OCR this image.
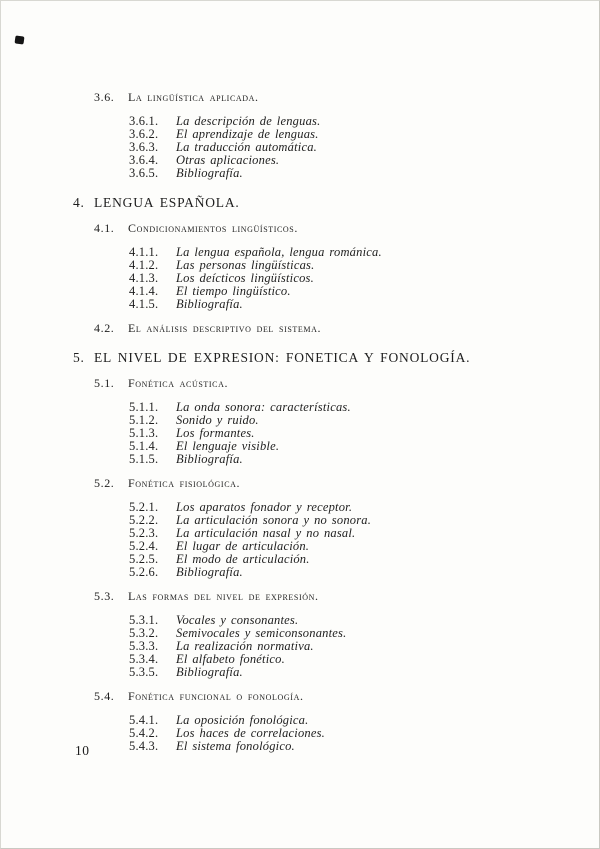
3.6.	La lingüística aplicada.
3.6.1.	La descripción de lenguas.
3.6.2.	El aprendizaje de lenguas.
3.6.3.	La traducción automática.
3.6.4.	Otras aplicaciones.
3.6.5.	Bibliografía.
4. LENGUA ESPAÑOLA.
4.1.	Condicionamientos lingüísticos.
4.1.1.	La lengua española, lengua románica.
4.1.2.	Las personas lingüísticas.
4.1.3.	Los deícticos lingüísticos.
4.1.4.	El tiempo lingüístico.
4.1.5.	Bibliografía.
4.2.	El análisis descriptivo del sistema.
5. EL NIVEL DE EXPRESION: FONETICA Y FONOLOGÍA.
5.1.	Fonética acústica.
5.1.1.	La onda sonora: características.
5.1.2.	Sonido y ruido.
5.1.3.	Los formantes.
5.1.4.	El lenguaje visible.
5.1.5.	Bibliografía.
5.2.	Fonética fisiológica.
5.2.1.	Los aparatos fonador y receptor.
5.2.2.	La articulación sonora y no sonora.
5.2.3.	La articulación nasal y no nasal.
5.2.4.	El lugar de articulación.
5.2.5.	El modo de articulación.
5.2.6.	Bibliografía.
5.3.	Las formas del nivel de expresión.
5.3.1.	Vocales y consonantes.
5.3.2.	Semivocales y semiconsonantes.
5.3.3.	La realización normativa.
5.3.4.	El alfabeto fonético.
5.3.5.	Bibliografía.
5.4.	Fonética funcional o fonología.
5.4.1.	La oposición fonológica.
5.4.2.	Los haces de correlaciones.
5.4.3.	El sistema fonológico.
10
